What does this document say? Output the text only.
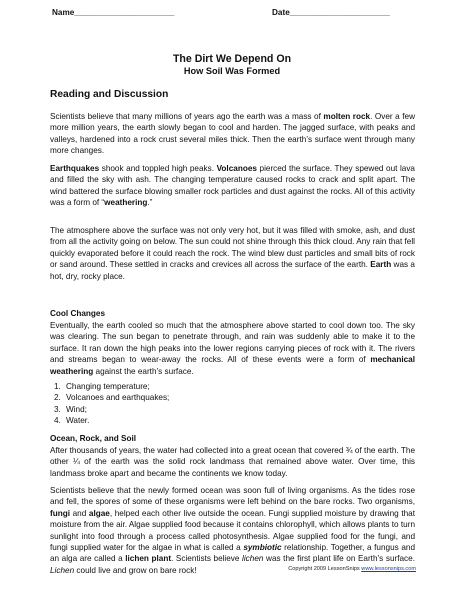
Name______________________	Date______________________
The Dirt We Depend On
How Soil Was Formed
Reading and Discussion

Scientists believe that many millions of years ago the earth was a mass of molten rock. Over a few more million years, the earth slowly began to cool and harden. The jagged surface, with peaks and valleys, hardened into a rock crust several miles thick. Then the earth’s surface went through many more changes.

Earthquakes shook and toppled high peaks. Volcanoes pierced the surface. They spewed out lava and filled the sky with ash. The changing temperature caused rocks to crack and split apart. The wind battered the surface blowing smaller rock particles and dust against the rocks. All of this activity was a form of “weathering.”

The atmosphere above the surface was not only very hot, but it was filled with smoke, ash, and dust from all the activity going on below. The sun could not shine through this thick cloud. Any rain that fell quickly evaporated before it could reach the rock. The wind blew dust particles and small bits of rock or sand around. These settled in cracks and crevices all across the surface of the earth. Earth was a hot, dry, rocky place.

Cool Changes

Eventually, the earth cooled so much that the atmosphere above started to cool down too. The sky was clearing. The sun began to penetrate through, and rain was suddenly able to make it to the surface. It ran down the high peaks into the lower regions carrying pieces of rock with it. The rivers and streams began to wear-away the rocks. All of these events were a form of mechanical weathering against the earth’s surface.

1. Changing temperature;
2. Volcanoes and earthquakes;
3. Wind;
4. Water.
Ocean, Rock, and Soil

After thousands of years, the water had collected into a great ocean that covered ¾ of the earth. The other ¼ of the earth was the solid rock landmass that remained above water. Over time, this landmass broke apart and became the continents we know today.

Scientists believe that the newly formed ocean was soon full of living organisms. As the tides rose and fell, the spores of some of these organisms were left behind on the bare rocks. Two organisms, fungi and algae, helped each other live outside the ocean. Fungi supplied moisture by drawing that moisture from the air. Algae supplied food because it contains chlorophyll, which allows plants to turn sunlight into food through a process called photosynthesis. Algae supplied food for the fungi, and fungi supplied water for the algae in what is called a symbiotic relationship. Together, a fungus and an alga are called a lichen plant. Scientists believe lichen was the first plant life on Earth’s surface. Lichen could live and grow on bare rock!	Copyright 2009 LessonSnips www.lessonsnips.com
